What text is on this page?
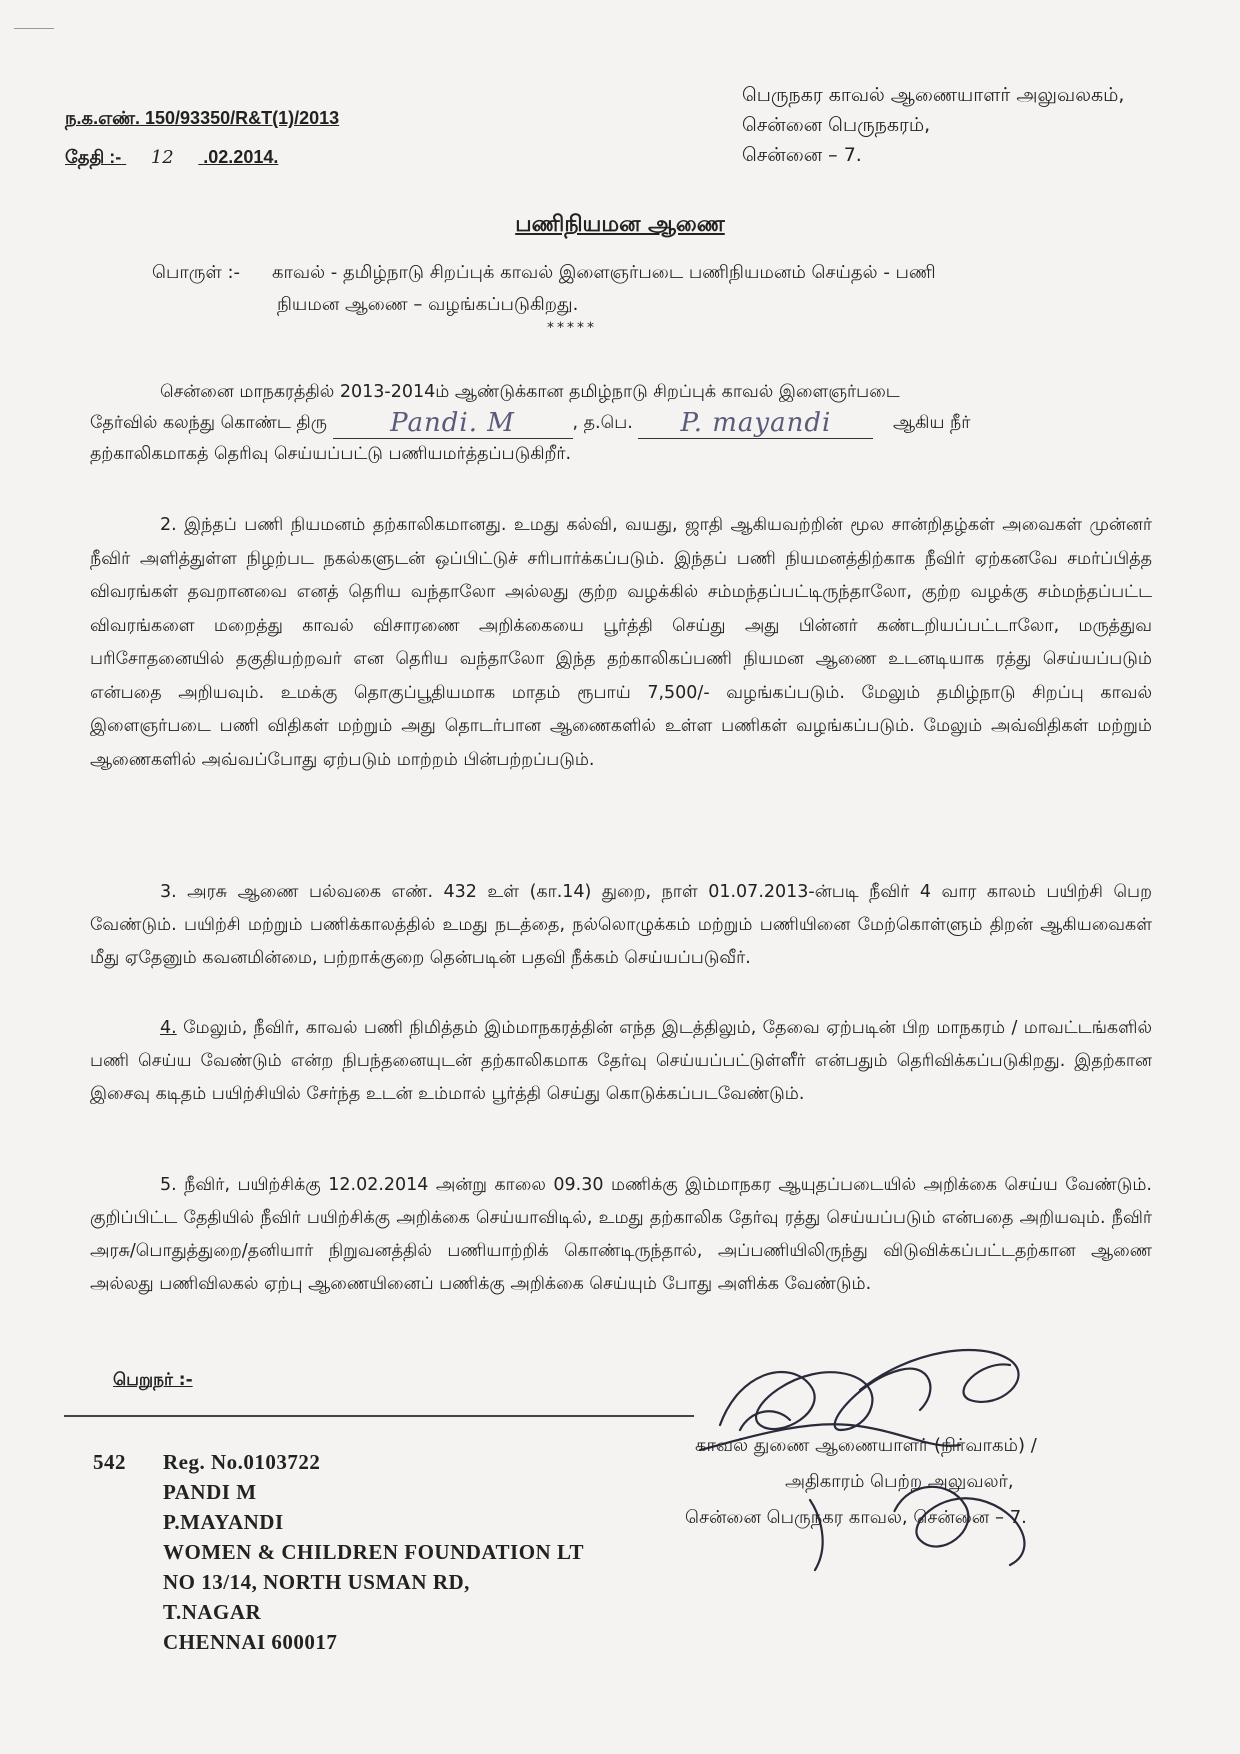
ந.க.எண். 150/93350/R&T(1)/2013
தேதி :- 12 .02.2014.
பெருநகர காவல் ஆணையாளர் அலுவலகம்,
சென்னை பெருநகரம்,
சென்னை – 7.
பணிநியமன ஆணை
பொருள் :- காவல் - தமிழ்நாடு சிறப்புக் காவல் இளைஞர்படை பணிநியமனம் செய்தல் - பணி
நியமன ஆணை – வழங்கப்படுகிறது.
*****
சென்னை மாநகரத்தில் 2013-2014ம் ஆண்டுக்கான தமிழ்நாடு சிறப்புக் காவல் இளைஞர்படை
தேர்வில் கலந்து கொண்ட திரு Pandi. M	, த.பெ. P. mayandi	ஆகிய நீர்
தற்காலிகமாகத் தெரிவு செய்யப்பட்டு பணியமர்த்தப்படுகிறீர்.
2. இந்தப் பணி நியமனம் தற்காலிகமானது. உமது கல்வி, வயது, ஜாதி ஆகியவற்றின் மூல சான்றிதழ்கள் அவைகள் முன்னர் நீவிர் அளித்துள்ள நிழற்பட நகல்களுடன் ஒப்பிட்டுச் சரிபார்க்கப்படும். இந்தப் பணி நியமனத்திற்காக நீவிர் ஏற்கனவே சமர்ப்பித்த விவரங்கள் தவறானவை எனத் தெரிய வந்தாலோ அல்லது குற்ற வழக்கில் சம்மந்தப்பட்டிருந்தாலோ, குற்ற வழக்கு சம்மந்தப்பட்ட விவரங்களை மறைத்து காவல் விசாரணை அறிக்கையை பூர்த்தி செய்து அது பின்னர் கண்டறியப்பட்டாலோ, மருத்துவ பரிசோதனையில் தகுதியற்றவர் என தெரிய வந்தாலோ இந்த தற்காலிகப்பணி நியமன ஆணை உடனடியாக ரத்து செய்யப்படும் என்பதை அறியவும். உமக்கு தொகுப்பூதியமாக மாதம் ரூபாய் 7,500/- வழங்கப்படும். மேலும் தமிழ்நாடு சிறப்பு காவல் இளைஞர்படை பணி விதிகள் மற்றும் அது தொடர்பான ஆணைகளில் உள்ள பணிகள் வழங்கப்படும். மேலும் அவ்விதிகள் மற்றும் ஆணைகளில் அவ்வப்போது ஏற்படும் மாற்றம் பின்பற்றப்படும்.
3. அரசு ஆணை பல்வகை எண். 432 உள் (கா.14) துறை, நாள் 01.07.2013-ன்படி நீவிர் 4 வார காலம் பயிற்சி பெற வேண்டும். பயிற்சி மற்றும் பணிக்காலத்தில் உமது நடத்தை, நல்லொழுக்கம் மற்றும் பணியினை மேற்கொள்ளும் திறன் ஆகியவைகள் மீது ஏதேனும் கவனமின்மை, பற்றாக்குறை தென்படின் பதவி நீக்கம் செய்யப்படுவீர்.
4. மேலும், நீவிர், காவல் பணி நிமித்தம் இம்மாநகரத்தின் எந்த இடத்திலும், தேவை ஏற்படின் பிற மாநகரம் / மாவட்டங்களில் பணி செய்ய வேண்டும் என்ற நிபந்தனையுடன் தற்காலிகமாக தேர்வு செய்யப்பட்டுள்ளீர் என்பதும் தெரிவிக்கப்படுகிறது. இதற்கான இசைவு கடிதம் பயிற்சியில் சேர்ந்த உடன் உம்மால் பூர்த்தி செய்து கொடுக்கப்படவேண்டும்.
5. நீவிர், பயிற்சிக்கு 12.02.2014 அன்று காலை 09.30 மணிக்கு இம்மாநகர ஆயுதப்படையில் அறிக்கை செய்ய வேண்டும். குறிப்பிட்ட தேதியில் நீவிர் பயிற்சிக்கு அறிக்கை செய்யாவிடில், உமது தற்காலிக தேர்வு ரத்து செய்யப்படும் என்பதை அறியவும். நீவிர் அரசு/பொதுத்துறை/தனியார் நிறுவனத்தில் பணியாற்றிக் கொண்டிருந்தால், அப்பணியிலிருந்து விடுவிக்கப்பட்டதற்கான ஆணை அல்லது பணிவிலகல் ஏற்பு ஆணையினைப் பணிக்கு அறிக்கை செய்யும் போது அளிக்க வேண்டும்.
பெறுநர் :-
காவல் துணை ஆணையாளர் (நிர்வாகம்) /
அதிகாரம் பெற்ற அலுவலர்,
சென்னை பெருநகர காவல், சென்னை – 7.
542 Reg. No.0103722
PANDI M
P.MAYANDI
WOMEN & CHILDREN FOUNDATION LT
NO 13/14, NORTH USMAN RD,
T.NAGAR
CHENNAI 600017
